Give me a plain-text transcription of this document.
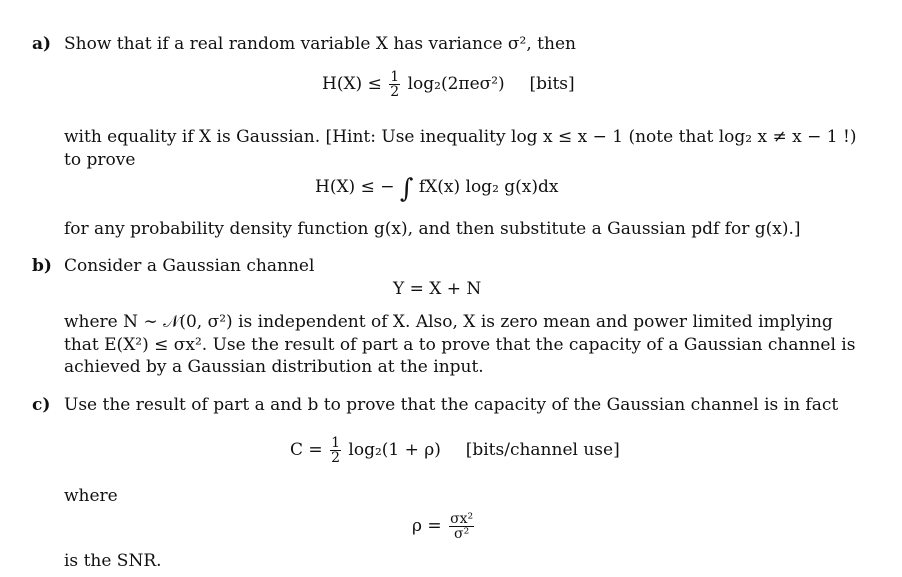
a) Show that if a real random variable X has variance σ², then
$H(X) \le \frac{1}{2} \log_2(2\pi e\sigma^2)$ [bits]
with equality if X is Gaussian. [Hint: Use inequality log x ≤ x − 1 (note that log₂ x ≠ x − 1 !)
to prove
H(X) ≤ − ∫ fX(x) log₂ g(x)dx
for any probability density function g(x), and then substitute a Gaussian pdf for g(x).]
b) Consider a Gaussian channel
Y = X + N
where N ∼ 𝒩(0, σ²) is independent of X. Also, X is zero mean and power limited implying
that E(X²) ≤ σx². Use the result of part a to prove that the capacity of a Gaussian channel is
achieved by a Gaussian distribution at the input.
c) Use the result of part a and b to prove that the capacity of the Gaussian channel is in fact
$C = \frac{1}{2} \log_2(1 + \rho)$ [bits/channel use]
where
$\rho = \frac{\text{σx²}}{\text{σ²}}$
is the SNR.
